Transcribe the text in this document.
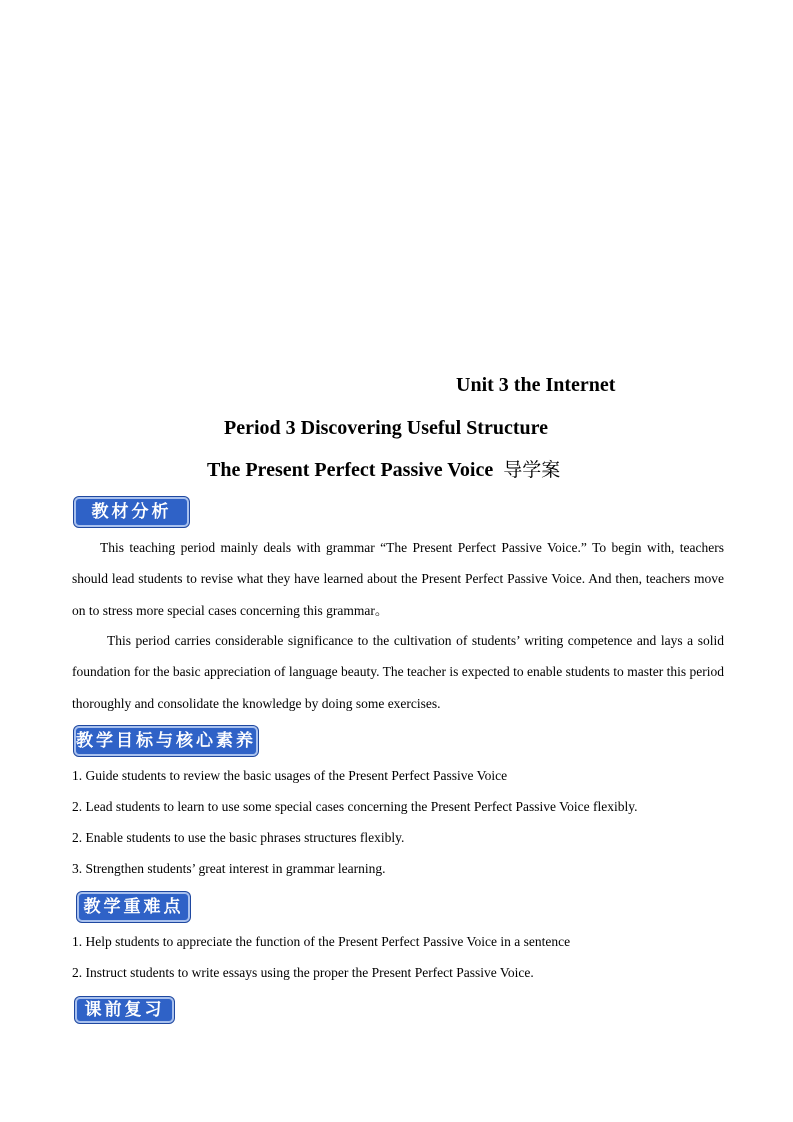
Unit 3 the Internet
Period 3 Discovering Useful Structure
The Present Perfect Passive Voice 导学案
教材分析

This teaching period mainly deals with grammar “The Present Perfect Passive Voice.” To begin with, teachers should lead students to revise what they have learned about the Present Perfect Passive Voice. And then, teachers move on to stress more special cases concerning this grammar。

This period carries considerable significance to the cultivation of students’ writing competence and lays a solid foundation for the basic appreciation of language beauty. The teacher is expected to enable students to master this period thoroughly and consolidate the knowledge by doing some exercises.

教学目标与核心素养

1. Guide students to review the basic usages of the Present Perfect Passive Voice

2. Lead students to learn to use some special cases concerning the Present Perfect Passive Voice flexibly.

2. Enable students to use the basic phrases structures flexibly.

3. Strengthen students’ great interest in grammar learning.

教学重难点

1. Help students to appreciate the function of the Present Perfect Passive Voice in a sentence

2. Instruct students to write essays using the proper the Present Perfect Passive Voice.

课前复习
